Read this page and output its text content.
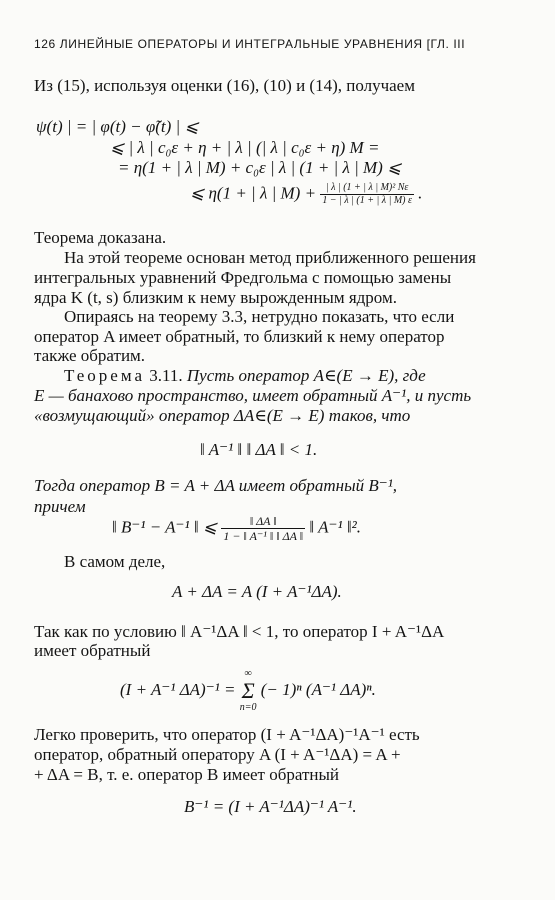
126 ЛИНЕЙНЫЕ ОПЕРАТОРЫ И ИНТЕГРАЛЬНЫЕ УРАВНЕНИЯ [ГЛ. III
Из (15), используя оценки (16), (10) и (14), получаем
ψ(t) | = | φ(t) − φ̃(t) | ⩽
⩽ | λ | c₀ε + η + | λ | (| λ | c₀ε + η) M =
= η(1 + | λ | M) + c₀ε | λ | (1 + | λ | M) ⩽
⩽ η(1 + | λ | $M) + \frac{\text{| λ | (1 + | λ | M)² Nε}}{1 - | \lambda | (1 + | \lambda | M) \varepsilon}$ .
Теорема доказана.
На этой теореме основан метод приближенного решения
интегральных уравнений Фредгольма с помощью замены
ядра K (t, s) близким к нему вырожденным ядром.
Опираясь на теорему 3.3, нетрудно показать, что если
оператор A имеет обратный, то близкий к нему оператор
также обратим.
Теорема 3.11. Пусть оператор A∈(E → E), где
E — банахово пространство, имеет обратный A⁻¹, и пусть
«возмущающий» оператор ΔA∈(E → E) таков, что
‖ A⁻¹ ‖ ‖ ΔA ‖ < 1.
Тогда оператор B = A + ΔA имеет обратный B⁻¹,
причем
‖ B⁻¹ − A⁻¹ ‖ ⩽ $\frac{‖ \Delta A ‖}{\text{1 − ‖ A⁻¹ ‖ ‖ ΔA ‖}}$ ‖ A⁻¹ ‖².
В самом деле,
A + ΔA = A (I + A⁻¹ΔA).
Так как по условию ‖ A⁻¹ΔA ‖ < 1, то оператор I + A⁻¹ΔA
имеет обратный
(I + A⁻¹ ΔA)⁻¹ =
∞
Σ
n=0
(− 1)ⁿ (A⁻¹ ΔA)ⁿ.
Легко проверить, что оператор (I + A⁻¹ΔA)⁻¹A⁻¹ есть
оператор, обратный оператору A (I + A⁻¹ΔA) = A +
+ ΔA = B, т. е. оператор B имеет обратный
B⁻¹ = (I + A⁻¹ΔA)⁻¹ A⁻¹.
